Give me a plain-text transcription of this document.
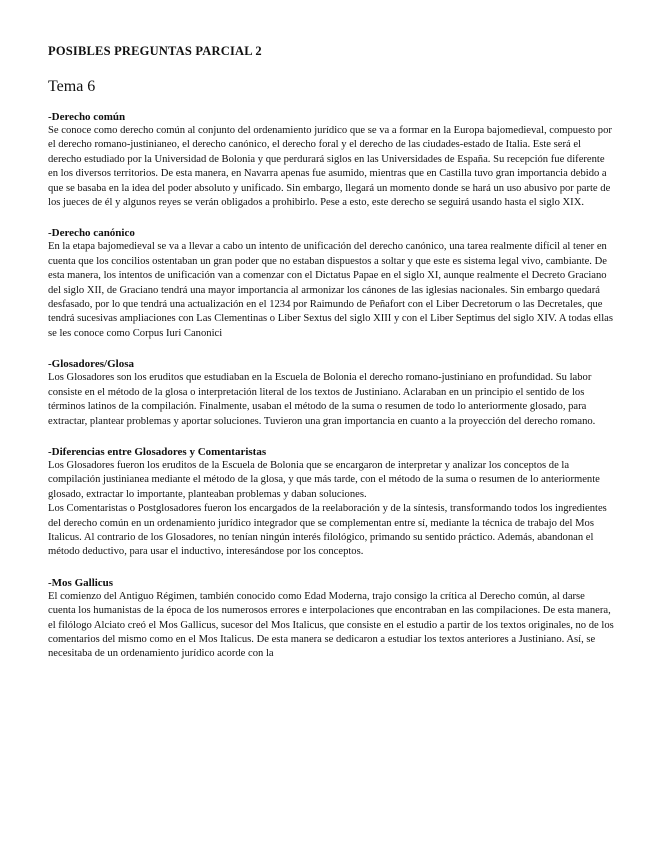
POSIBLES PREGUNTAS PARCIAL 2
Tema 6
-Derecho común

Se conoce como derecho común al conjunto del ordenamiento jurídico que se va a formar en la Europa bajomedieval, compuesto por el derecho romano-justinianeo, el derecho canónico, el derecho foral y el derecho de las ciudades-estado de Italia. Este será el derecho estudiado por la Universidad de Bolonia y que perdurará siglos en las Universidades de España. Su recepción fue diferente en los diversos territorios. De esta manera, en Navarra apenas fue asumido, mientras que en Castilla tuvo gran importancia debido a que se basaba en la idea del poder absoluto y unificado. Sin embargo, llegará un momento donde se hará un uso abusivo por parte de los jueces de él y algunos reyes se verán obligados a prohibirlo. Pese a esto, este derecho se seguirá usando hasta el siglo XIX.

-Derecho canónico

En la etapa bajomedieval se va a llevar a cabo un intento de unificación del derecho canónico, una tarea realmente difícil al tener en cuenta que los concilios ostentaban un gran poder que no estaban dispuestos a soltar y que este es sistema legal vivo, cambiante. De esta manera, los intentos de unificación van a comenzar con el Dictatus Papae en el siglo XI, aunque realmente el Decreto Graciano del siglo XII, de Graciano tendrá una mayor importancia al armonizar los cánones de las iglesias nacionales. Sin embargo quedará desfasado, por lo que tendrá una actualización en el 1234 por Raimundo de Peñafort con el Liber Decretorum o las Decretales, que tendrá sucesivas ampliaciones con Las Clementinas o Liber Sextus del siglo XIII y con el Liber Septimus del siglo XIV. A todas ellas se les conoce como Corpus Iuri Canonici

-Glosadores/Glosa

Los Glosadores son los eruditos que estudiaban en la Escuela de Bolonia el derecho romano-justiniano en profundidad. Su labor consiste en el método de la glosa o interpretación literal de los textos de Justiniano. Aclaraban en un principio el sentido de los términos latinos de la compilación. Finalmente, usaban el método de la suma o resumen de todo lo anteriormente glosado, para extractar, plantear problemas y aportar soluciones. Tuvieron una gran importancia en cuanto a la proyección del derecho romano.

-Diferencias entre Glosadores y Comentaristas

Los Glosadores fueron los eruditos de la Escuela de Bolonia que se encargaron de interpretar y analizar los conceptos de la compilación justinianea mediante el método de la glosa, y que más tarde, con el método de la suma o resumen de lo anteriormente glosado, extractar lo importante, planteaban problemas y daban soluciones.

Los Comentaristas o Postglosadores fueron los encargados de la reelaboración y de la síntesis, transformando todos los ingredientes del derecho común en un ordenamiento jurídico integrador que se complementan entre sí, mediante la técnica de trabajo del Mos Italicus. Al contrario de los Glosadores, no tenían ningún interés filológico, primando su sentido práctico. Además, abandonan el método deductivo, para usar el inductivo, interesándose por los conceptos.

-Mos Gallicus

El comienzo del Antiguo Régimen, también conocido como Edad Moderna, trajo consigo la crítica al Derecho común, al darse cuenta los humanistas de la época de los numerosos errores e interpolaciones que encontraban en las compilaciones. De esta manera, el filólogo Alciato creó el Mos Gallicus, sucesor del Mos Italicus, que consiste en el estudio a partir de los textos originales, no de los comentarios del mismo como en el Mos Italicus. De esta manera se dedicaron a estudiar los textos anteriores a Justiniano. Así, se necesitaba de un ordenamiento jurídico acorde con la
